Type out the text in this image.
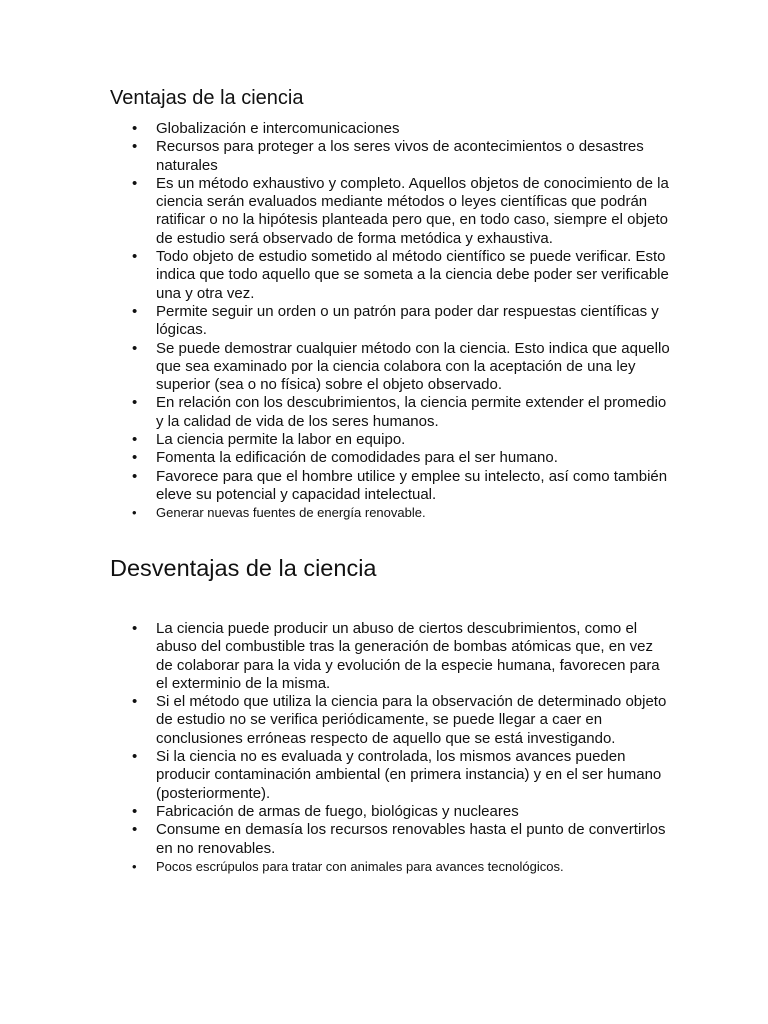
Ventajas de la ciencia
• Globalización e intercomunicaciones
• Recursos para proteger a los seres vivos de acontecimientos o desastres naturales
• Es un método exhaustivo y completo. Aquellos objetos de conocimiento de la ciencia serán evaluados mediante métodos o leyes científicas que podrán ratificar o no la hipótesis planteada pero que, en todo caso, siempre el objeto de estudio será observado de forma metódica y exhaustiva.
• Todo objeto de estudio sometido al método científico se puede verificar. Esto indica que todo aquello que se someta a la ciencia debe poder ser verificable una y otra vez.
• Permite seguir un orden o un patrón para poder dar respuestas científicas y lógicas.
• Se puede demostrar cualquier método con la ciencia. Esto indica que aquello que sea examinado por la ciencia colabora con la aceptación de una ley superior (sea o no física) sobre el objeto observado.
• En relación con los descubrimientos, la ciencia permite extender el promedio y la calidad de vida de los seres humanos.
• La ciencia permite la labor en equipo.
• Fomenta la edificación de comodidades para el ser humano.
• Favorece para que el hombre utilice y emplee su intelecto, así como también eleve su potencial y capacidad intelectual.
• Generar nuevas fuentes de energía renovable.
Desventajas de la ciencia
• La ciencia puede producir un abuso de ciertos descubrimientos, como el abuso del combustible tras la generación de bombas atómicas que, en vez de colaborar para la vida y evolución de la especie humana, favorecen para el exterminio de la misma.
• Si el método que utiliza la ciencia para la observación de determinado objeto de estudio no se verifica periódicamente, se puede llegar a caer en conclusiones erróneas respecto de aquello que se está investigando.
• Si la ciencia no es evaluada y controlada, los mismos avances pueden producir contaminación ambiental (en primera instancia) y en el ser humano (posteriormente).
• Fabricación de armas de fuego, biológicas y nucleares
• Consume en demasía los recursos renovables hasta el punto de convertirlos en no renovables.
• Pocos escrúpulos para tratar con animales para avances tecnológicos.
